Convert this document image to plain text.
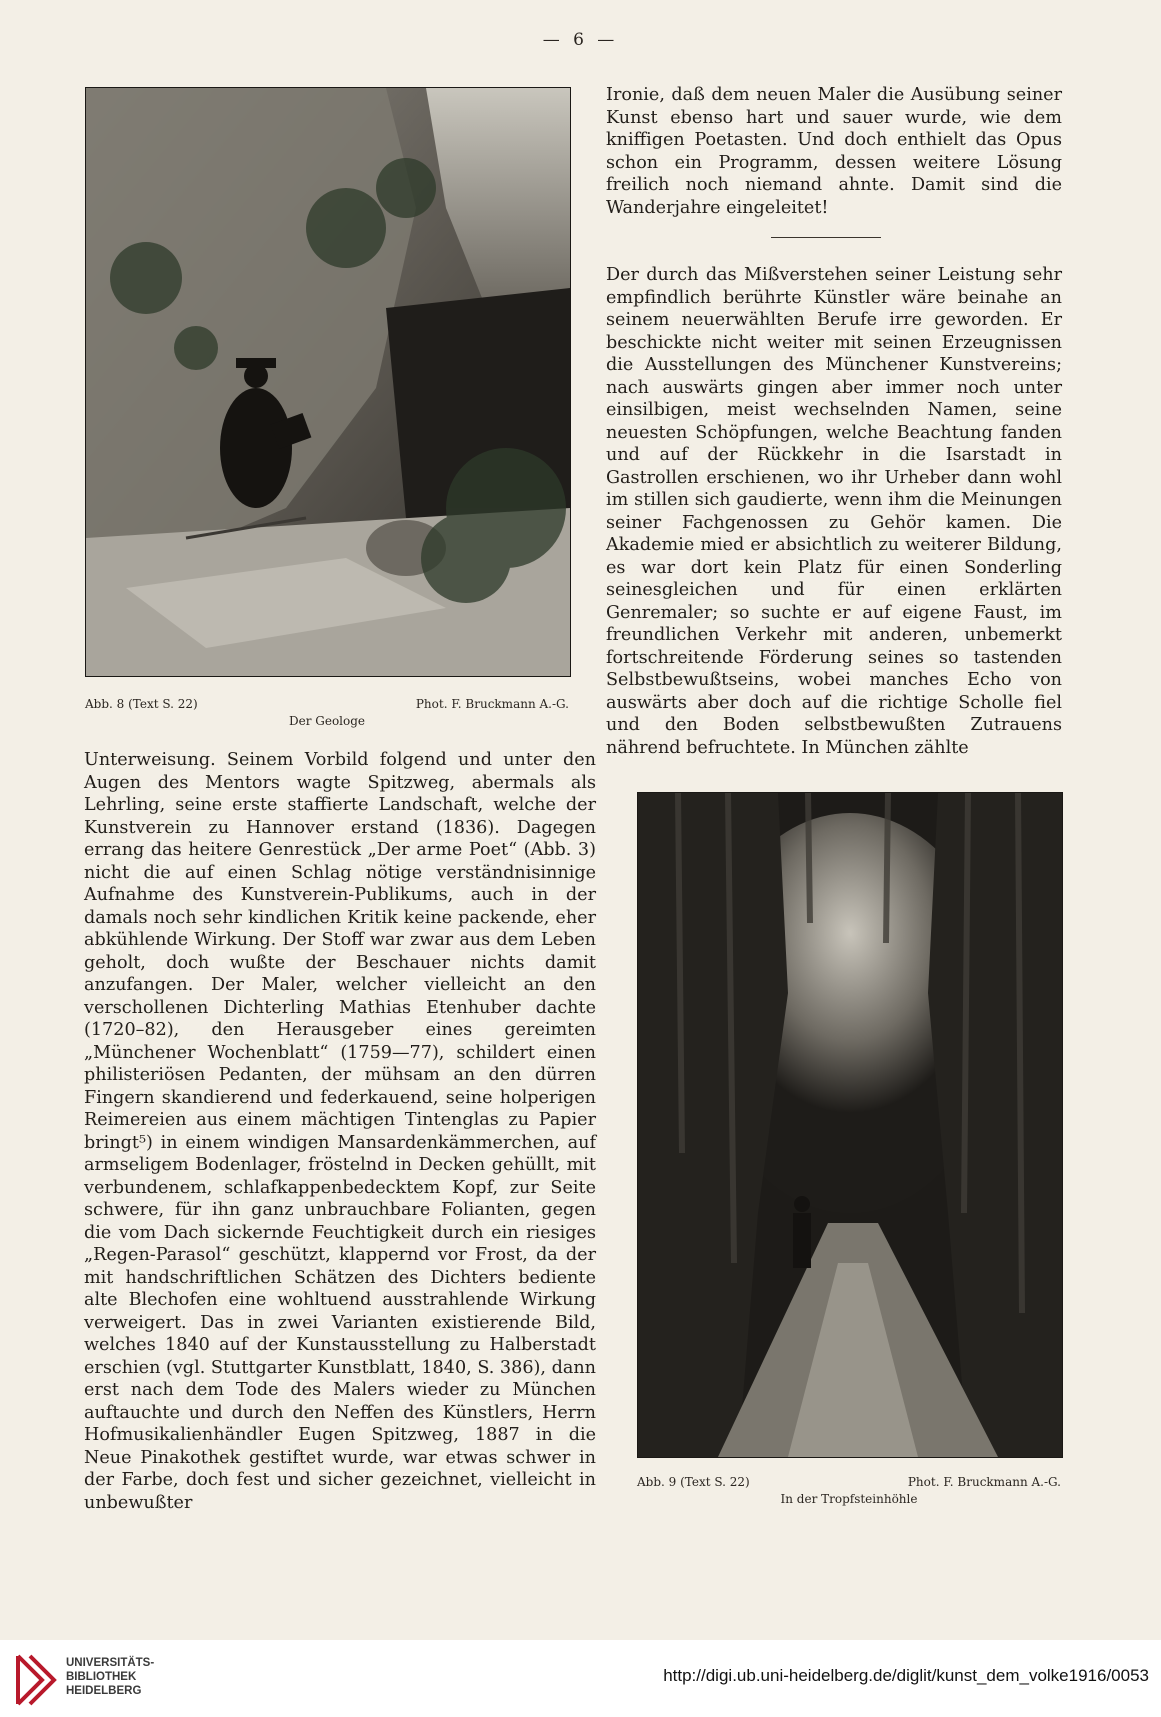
— 6 —
Abb. 8 (Text S. 22)	Phot. F. Bruckmann A.-G.
Der Geologe

Ironie, daß dem neuen Maler die Ausübung seiner Kunst ebenso hart und sauer wurde, wie dem kniffigen Poetasten. Und doch enthielt das Opus schon ein Programm, dessen weitere Lösung freilich noch niemand ahnte. Damit sind die Wanderjahre eingeleitet!

Der durch das Mißverstehen seiner Leistung sehr empfindlich berührte Künstler wäre beinahe an seinem neuerwählten Berufe irre geworden. Er beschickte nicht weiter mit seinen Erzeugnissen die Ausstellungen des Münchener Kunstvereins; nach auswärts gingen aber immer noch unter einsilbigen, meist wechselnden Namen, seine neuesten Schöpfungen, welche Beachtung fanden und auf der Rückkehr in die Isarstadt in Gastrollen erschienen, wo ihr Urheber dann wohl im stillen sich gaudierte, wenn ihm die Meinungen seiner Fachgenossen zu Gehör kamen. Die Akademie mied er absichtlich zu weiterer Bildung, es war dort kein Platz für einen Sonderling seinesgleichen und für einen erklärten Genremaler; so suchte er auf eigene Faust, im freundlichen Verkehr mit anderen, unbemerkt fortschreitende Förderung seines so tastenden Selbstbewußtseins, wobei manches Echo von auswärts aber doch auf die richtige Scholle fiel und den Boden selbstbewußten Zutrauens nährend befruchtete. In München zählte

Unterweisung. Seinem Vorbild folgend und unter den Augen des Mentors wagte Spitzweg, abermals als Lehrling, seine erste staffierte Landschaft, welche der Kunstverein zu Hannover erstand (1836). Dagegen errang das heitere Genrestück „Der arme Poet“ (Abb. 3) nicht die auf einen Schlag nötige verständnisinnige Aufnahme des Kunstverein-Publikums, auch in der damals noch sehr kindlichen Kritik keine packende, eher abkühlende Wirkung. Der Stoff war zwar aus dem Leben geholt, doch wußte der Beschauer nichts damit anzufangen. Der Maler, welcher vielleicht an den verschollenen Dichterling Mathias Etenhuber dachte (1720–82), den Herausgeber eines gereimten „Münchener Wochenblatt“ (1759—77), schildert einen philisteriösen Pedanten, der mühsam an den dürren Fingern skandierend und federkauend, seine holperigen Reimereien aus einem mächtigen Tintenglas zu Papier bringt⁵) in einem windigen Mansardenkämmerchen, auf armseligem Bodenlager, fröstelnd in Decken gehüllt, mit verbundenem, schlafkappenbedecktem Kopf, zur Seite schwere, für ihn ganz unbrauchbare Folianten, gegen die vom Dach sickernde Feuchtigkeit durch ein riesiges „Regen-Parasol“ geschützt, klappernd vor Frost, da der mit handschriftlichen Schätzen des Dichters bediente alte Blechofen eine wohltuend ausstrahlende Wirkung verweigert. Das in zwei Varianten existierende Bild, welches 1840 auf der Kunstausstellung zu Halberstadt erschien (vgl. Stuttgarter Kunstblatt, 1840, S. 386), dann erst nach dem Tode des Malers wieder zu München auftauchte und durch den Neffen des Künstlers, Herrn Hofmusikalienhändler Eugen Spitzweg, 1887 in die Neue Pinakothek gestiftet wurde, war etwas schwer in der Farbe, doch fest und sicher gezeichnet, vielleicht in unbewußter

Abb. 9 (Text S. 22)	Phot. F. Bruckmann A.-G.
In der Tropfsteinhöhle
UNIVERSITÄTS-
BIBLIOTHEK
HEIDELBERG
http://digi.ub.uni-heidelberg.de/diglit/kunst_dem_volke1916/0053
